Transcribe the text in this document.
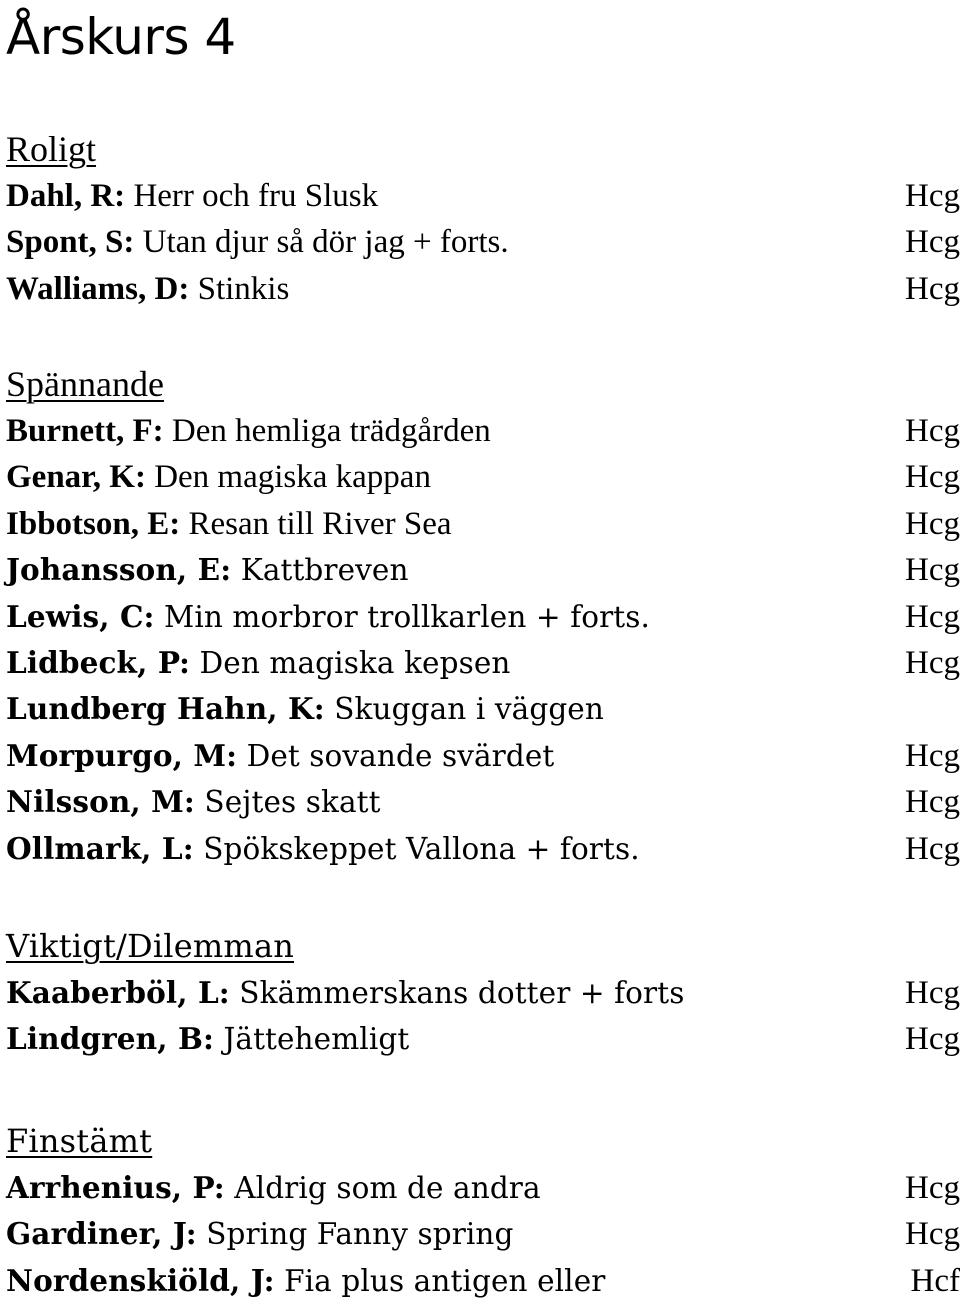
Årskurs 4
Roligt
Dahl, R: Herr och fru Slusk	Hcg
Spont, S: Utan djur så dör jag + forts.	Hcg
Walliams, D: Stinkis	Hcg
Spännande
Burnett, F: Den hemliga trädgården	Hcg
Genar, K: Den magiska kappan	Hcg
Ibbotson, E: Resan till River Sea	Hcg
Johansson, E: Kattbreven	Hcg
Lewis, C: Min morbror trollkarlen + forts.	Hcg
Lidbeck, P: Den magiska kepsen	Hcg
Lundberg Hahn, K: Skuggan i väggen
Morpurgo, M: Det sovande svärdet	Hcg
Nilsson, M: Sejtes skatt	Hcg
Ollmark, L: Spökskeppet Vallona + forts.	Hcg
Viktigt/Dilemman
Kaaberböl, L: Skämmerskans dotter + forts	Hcg
Lindgren, B: Jättehemligt	Hcg
Finstämt
Arrhenius, P: Aldrig som de andra	Hcg
Gardiner, J: Spring Fanny spring	Hcg
Nordenskiöld, J: Fia plus antigen eller	Hcf
